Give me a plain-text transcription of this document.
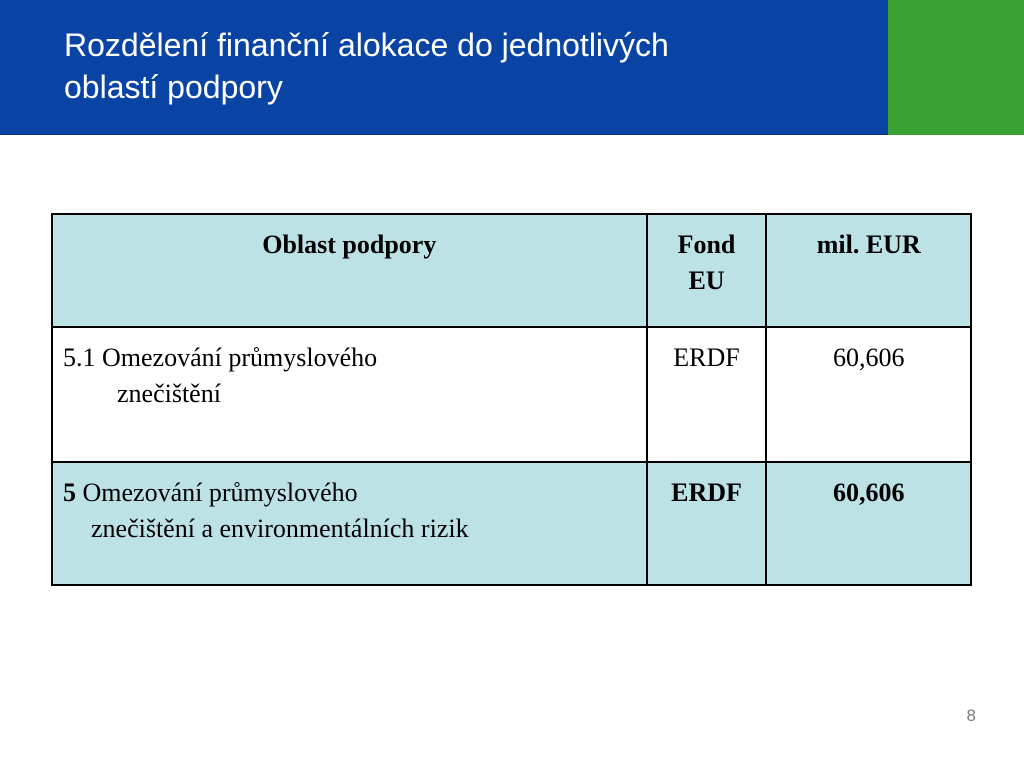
Rozdělení finanční alokace do jednotlivých
oblastí podpory
Oblast podpory	Fond EU	mil. EUR
5.1 Omezování průmyslového
znečištění	ERDF	60,606
5 Omezování průmyslového
znečištění a environmentálních rizik	ERDF	60,606
8
